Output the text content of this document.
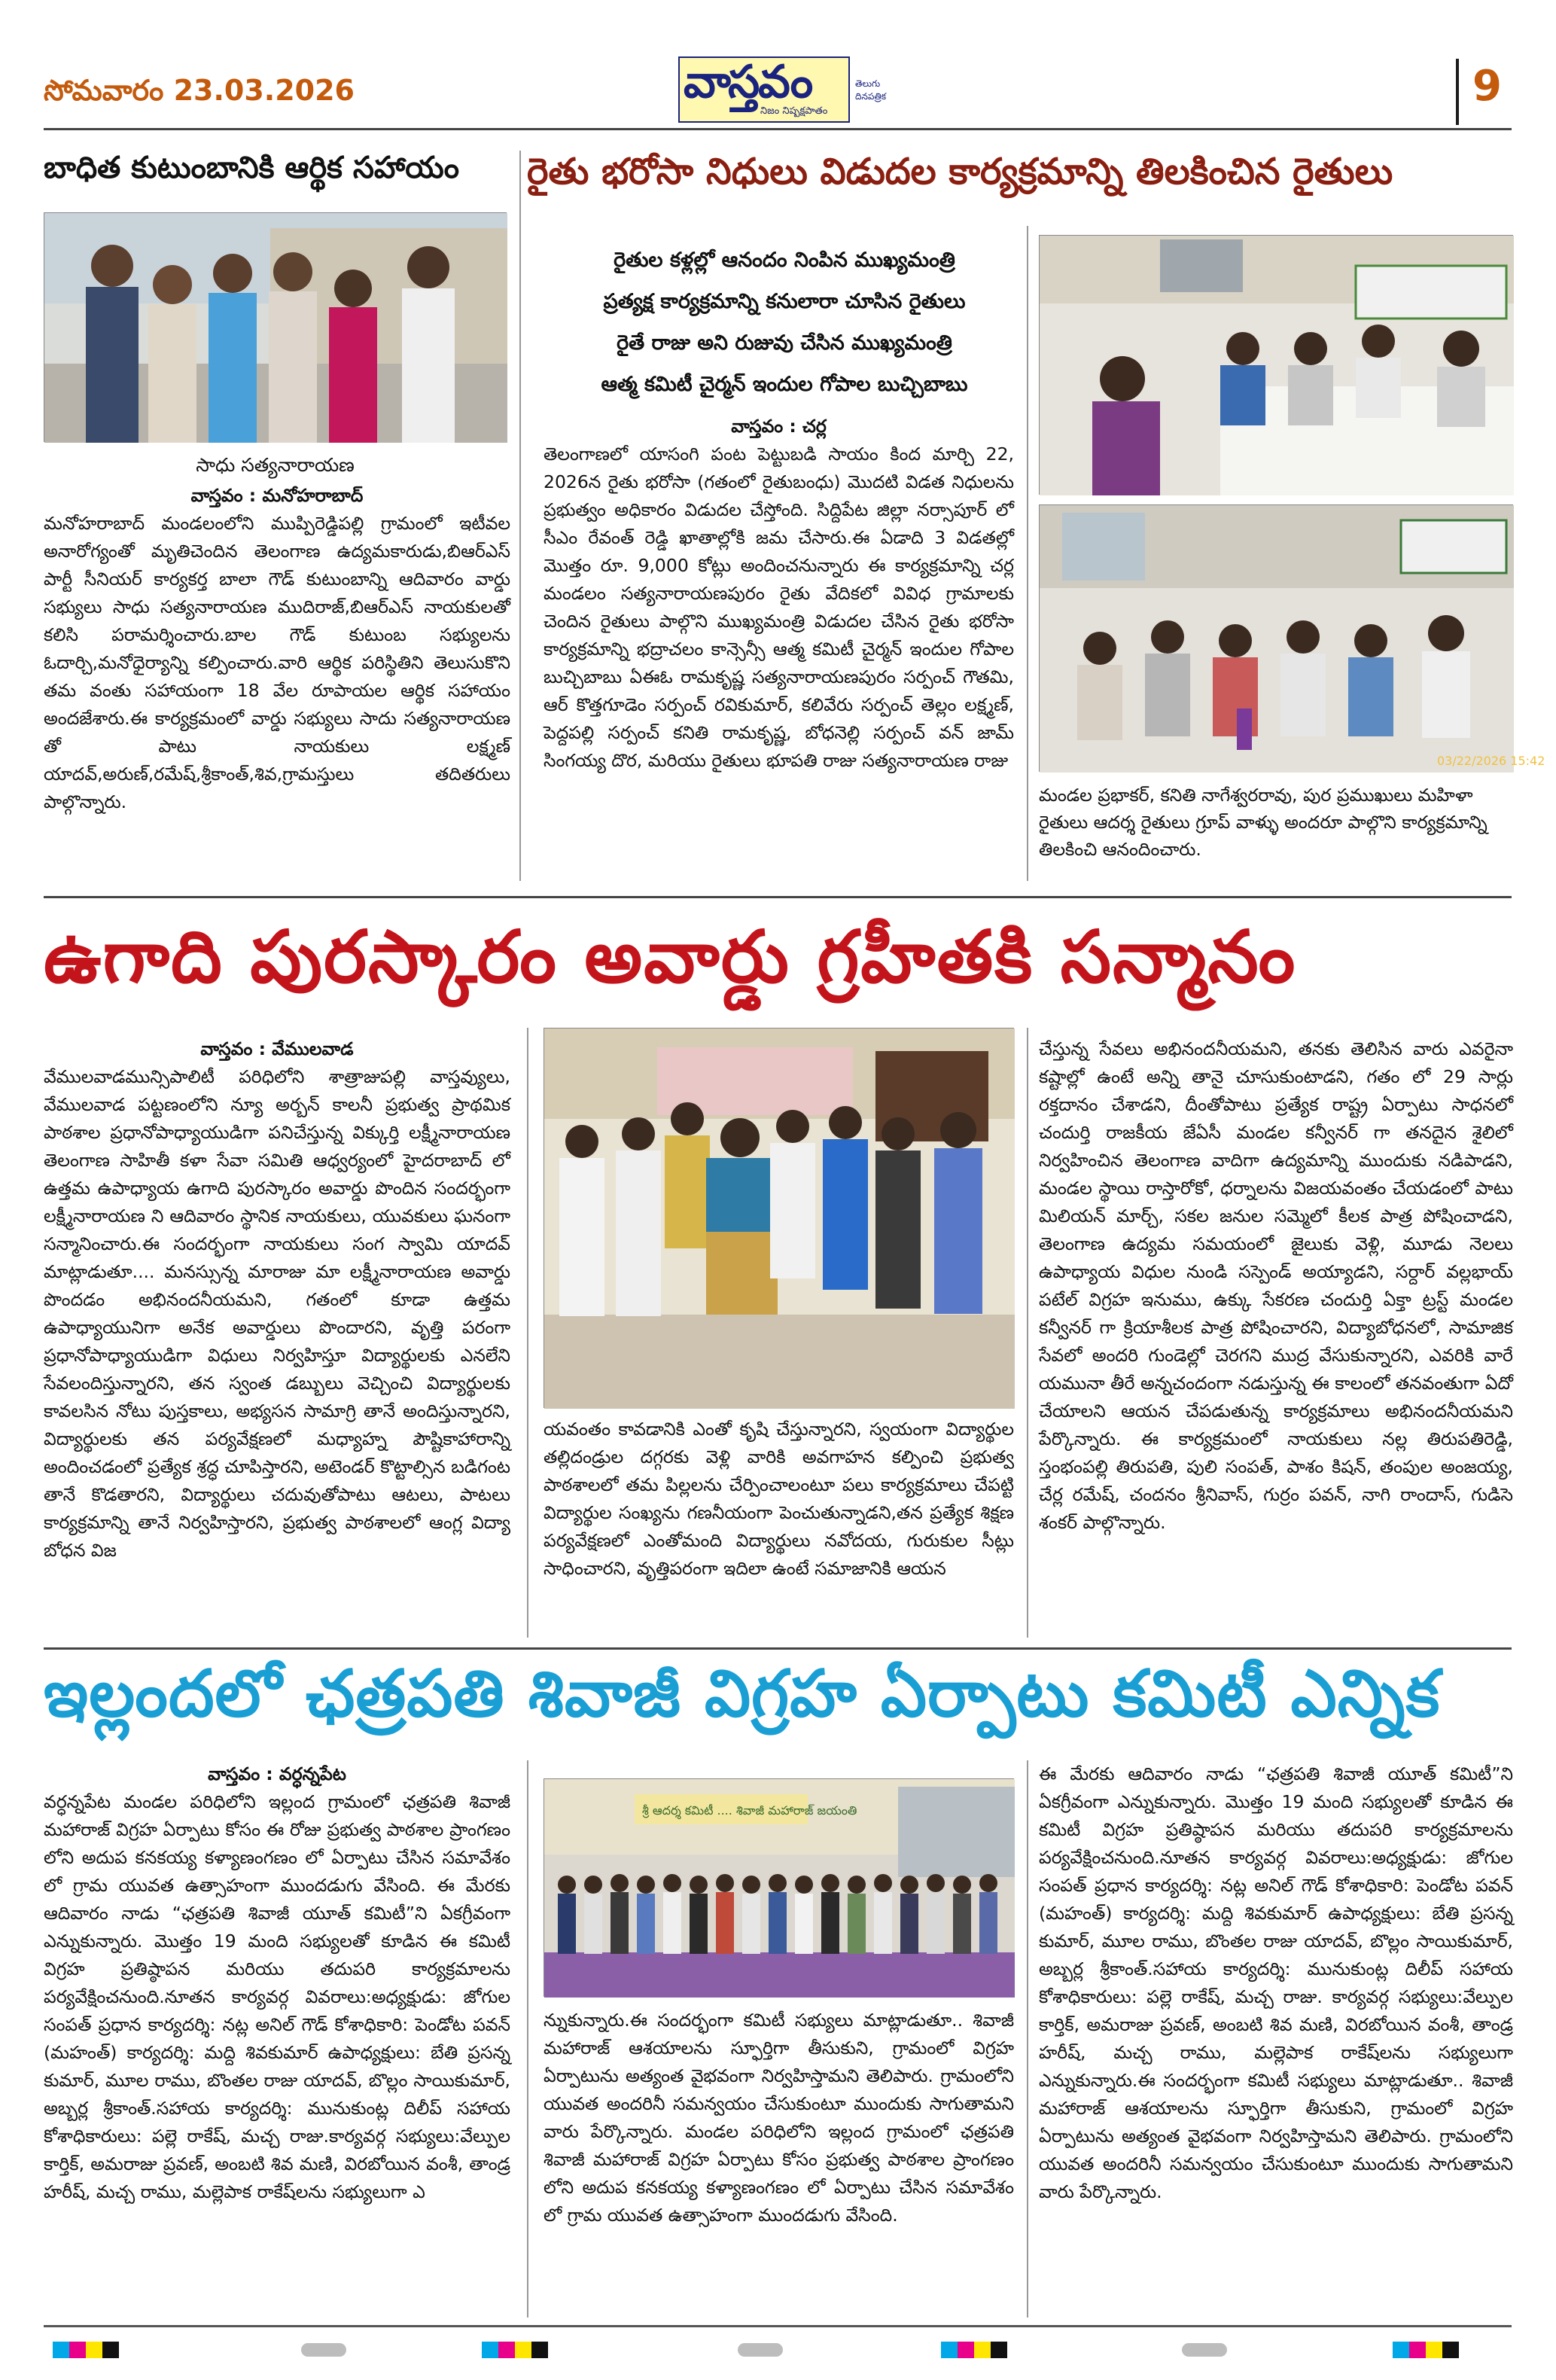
సోమవారం 23.03.2026	వాస్తవం
నిజం నిష్పక్షపాతం
తెలుగు దినపత్రిక	9
బాధిత కుటుంబానికి ఆర్థిక సహాయం
సాధు సత్యనారాయణ
వాస్తవం : మనోహరాబాద్
మనోహరాబాద్ మండలంలోని ముప్పిరెడ్డిపల్లి గ్రామంలో ఇటీవల అనారోగ్యంతో మృతిచెందిన తెలంగాణ ఉద్యమకారుడు,బిఆర్ఎస్ పార్టీ సీనియర్ కార్యకర్త బాలా గౌడ్ కుటుంబాన్ని ఆదివారం వార్డు సభ్యులు సాధు సత్యనారాయణ ముదిరాజ్,బిఆర్ఎస్ నాయకులతో కలిసి పరామర్శించారు.బాల గౌడ్ కుటుంబ సభ్యులను ఓదార్చి,మనోధైర్యాన్ని కల్పించారు.వారి ఆర్థిక పరిస్థితిని తెలుసుకొని తమ వంతు సహాయంగా 18 వేల రూపాయల ఆర్థిక సహాయం అందజేశారు.ఈ కార్యక్రమంలో వార్డు సభ్యులు సాదు సత్యనారాయణ తో పాటు నాయకులు లక్ష్మణ్ యాదవ్,అరుణ్,రమేష్,శ్రీకాంత్,శివ,గ్రామస్తులు తదితరులు పాల్గొన్నారు.
రైతు భరోసా నిధులు విడుదల కార్యక్రమాన్ని తిలకించిన రైతులు
రైతుల కళ్లల్లో ఆనందం నింపిన ముఖ్యమంత్రి
ప్రత్యక్ష కార్యక్రమాన్ని కనులారా చూసిన రైతులు
రైతే రాజు అని రుజువు చేసిన ముఖ్యమంత్రి
ఆత్మ కమిటీ చైర్మన్ ఇందుల గోపాల బుచ్చిబాబు
వాస్తవం : చర్ల
తెలంగాణలో యాసంగి పంట పెట్టుబడి సాయం కింద మార్చి 22, 2026న రైతు భరోసా (గతంలో రైతుబంధు) మొదటి విడత నిధులను ప్రభుత్వం అధికారం విడుదల చేస్తోంది. సిద్దిపేట జిల్లా నర్సాపూర్ లో సీఎం రేవంత్ రెడ్డి ఖాతాల్లోకి జమ చేసారు.ఈ ఏడాది 3 విడతల్లో మొత్తం రూ. 9,000 కోట్లు అందించనున్నారు ఈ కార్యక్రమాన్ని చర్ల మండలం సత్యనారాయణపురం రైతు వేదికలో వివిధ గ్రామాలకు చెందిన రైతులు పాల్గొని ముఖ్యమంత్రి విడుదల చేసిన రైతు భరోసా కార్యక్రమాన్ని భద్రాచలం కాన్సెన్సీ ఆత్మ కమిటీ చైర్మన్ ఇందుల గోపాల బుచ్చిబాబు ఏఈఓ రామకృష్ణ సత్యనారాయణపురం సర్పంచ్ గౌతమి, ఆర్ కొత్తగూడెం సర్పంచ్ రవికుమార్, కలివేరు సర్పంచ్ తెల్లం లక్ష్మణ్, పెద్దపల్లి సర్పంచ్ కనితి రామకృష్ణ, బోధనెల్లి సర్పంచ్ వన్ జామ్ సింగయ్య దొర, మరియు రైతులు భూపతి రాజు సత్యనారాయణ రాజు	03/22/2026 15:42
మండల ప్రభాకర్, కనితి నాగేశ్వరరావు, పుర ప్రముఖులు మహిళా రైతులు ఆదర్శ రైతులు గ్రూప్ వాళ్ళు అందరూ పాల్గొని కార్యక్రమాన్ని తిలకించి ఆనందించారు.
ఉగాది పురస్కారం అవార్డు గ్రహీతకి సన్మానం
వాస్తవం : వేములవాడ
వేములవాడమున్సిపాలిటీ పరిధిలోని శాత్రాజుపల్లి వాస్తవ్యులు, వేములవాడ పట్టణంలోని న్యూ అర్బన్ కాలనీ ప్రభుత్వ ప్రాథమిక పాఠశాల ప్రధానోపాధ్యాయుడిగా పనిచేస్తున్న విక్కుర్తి లక్ష్మీనారాయణ తెలంగాణ సాహితీ కళా సేవా సమితి ఆధ్వర్యంలో హైదరాబాద్ లో ఉత్తమ ఉపాధ్యాయ ఉగాది పురస్కారం అవార్డు పొందిన సందర్భంగా లక్ష్మీనారాయణ ని ఆదివారం స్థానిక నాయకులు, యువకులు ఘనంగా సన్మానించారు.ఈ సందర్భంగా నాయకులు సంగ స్వామి యాదవ్ మాట్లాడుతూ.... మనస్సున్న మారాజు మా లక్ష్మీనారాయణ అవార్డు పొందడం అభినందనీయమని, గతంలో కూడా ఉత్తమ ఉపాధ్యాయునిగా అనేక అవార్డులు పొందారని, వృత్తి పరంగా ప్రధానోపాధ్యాయుడిగా విధులు నిర్వహిస్తూ విద్యార్థులకు ఎనలేని సేవలందిస్తున్నారని, తన స్వంత డబ్బులు వెచ్చించి విద్యార్థులకు కావలసిన నోటు పుస్తకాలు, అభ్యసన సామాగ్రి తానే అందిస్తున్నారని, విద్యార్థులకు తన పర్యవేక్షణలో మధ్యాహ్న పౌష్టికాహారాన్ని అందించడంలో ప్రత్యేక శ్రద్ధ చూపిస్తారని, అటెండర్ కొట్టాల్సిన బడిగంట తానే కొడతారని, విద్యార్థులు చదువుతోపాటు ఆటలు, పాటలు కార్యక్రమాన్ని తానే నిర్వహిస్తారని, ప్రభుత్వ పాఠశాలలో ఆంగ్ల విద్యా బోధన విజ
యవంతం కావడానికి ఎంతో కృషి చేస్తున్నారని, స్వయంగా విద్యార్థుల తల్లిదండ్రుల దగ్గరకు వెళ్లి వారికి అవగాహన కల్పించి ప్రభుత్వ పాఠశాలలో తమ పిల్లలను చేర్పించాలంటూ పలు కార్యక్రమాలు చేపట్టి విద్యార్థుల సంఖ్యను గణనీయంగా పెంచుతున్నాడని,తన ప్రత్యేక శిక్షణ పర్యవేక్షణలో ఎంతోమంది విద్యార్థులు నవోదయ, గురుకుల సీట్లు సాధించారని, వృత్తిపరంగా ఇదిలా ఉంటే సమాజానికి ఆయన
చేస్తున్న సేవలు అభినందనీయమని, తనకు తెలిసిన వారు ఎవరైనా కష్టాల్లో ఉంటే అన్ని తానై చూసుకుంటాడని, గతం లో 29 సార్లు రక్తదానం చేశాడని, దీంతోపాటు ప్రత్యేక రాష్ట్ర ఏర్పాటు సాధనలో చందుర్తి రాజకీయ జేఏసీ మండల కన్వీనర్ గా తనదైన శైలిలో నిర్వహించిన తెలంగాణ వాదిగా ఉద్యమాన్ని ముందుకు నడిపాడని, మండల స్థాయి రాస్తారోకో, ధర్నాలను విజయవంతం చేయడంలో పాటు మిలియన్ మార్చ్, సకల జనుల సమ్మెలో కీలక పాత్ర పోషించాడని, తెలంగాణ ఉద్యమ సమయంలో జైలుకు వెళ్లి, మూడు నెలలు ఉపాధ్యాయ విధుల నుండి సస్పెండ్ అయ్యాడని, సర్దార్ వల్లభాయ్ పటేల్ విగ్రహ ఇనుము, ఉక్కు సేకరణ చందుర్తి ఏక్తా ట్రస్ట్ మండల కన్వీనర్ గా క్రియాశీలక పాత్ర పోషించారని, విద్యాబోధనలో, సామాజిక సేవలో అందరి గుండెల్లో చెరగని ముద్ర వేసుకున్నారని, ఎవరికి వారే యమునా తీరే అన్నచందంగా నడుస్తున్న ఈ కాలంలో తనవంతుగా ఏదో చేయాలని ఆయన చేపడుతున్న కార్యక్రమాలు అభినందనీయమని పేర్కొన్నారు. ఈ కార్యక్రమంలో నాయకులు నల్ల తిరుపతిరెడ్డి, స్తంభంపల్లి తిరుపతి, పులి సంపత్, పాశం కిషన్, తంపుల అంజయ్య, చేర్ల రమేష్, చందనం శ్రీనివాస్, గుర్రం పవన్, నాగి రాందాస్, గుడిసె శంకర్ పాల్గొన్నారు.
ఇల్లందలో ఛత్రపతి శివాజీ విగ్రహ ఏర్పాటు కమిటీ ఎన్నిక
వాస్తవం : వర్ధన్నపేట
వర్ధన్నపేట మండల పరిధిలోని ఇల్లంద గ్రామంలో ఛత్రపతి శివాజీ మహారాజ్ విగ్రహ ఏర్పాటు కోసం ఈ రోజు ప్రభుత్వ పాఠశాల ప్రాంగణం లోని అదుప కనకయ్య కళ్యాణంగణం లో ఏర్పాటు చేసిన సమావేశం లో గ్రామ యువత ఉత్సాహంగా ముందడుగు వేసింది. ఈ మేరకు ఆదివారం నాడు “ఛత్రపతి శివాజీ యూత్ కమిటీ”ని ఏకగ్రీవంగా ఎన్నుకున్నారు. మొత్తం 19 మంది సభ్యులతో కూడిన ఈ కమిటీ విగ్రహ ప్రతిష్ఠాపన మరియు తదుపరి కార్యక్రమాలను పర్యవేక్షించనుంది.నూతన కార్యవర్గ వివరాలు:అధ్యక్షుడు: జోగుల సంపత్ ప్రధాన కార్యదర్శి: నట్ల అనిల్ గౌడ్ కోశాధికారి: పెండోట పవన్ (మహంత్) కార్యదర్శి: మద్ది శివకుమార్ ఉపాధ్యక్షులు: బేతి ప్రసన్న కుమార్, మూల రాము, బొంతల రాజు యాదవ్, బొల్లం సాయికుమార్, అబ్బర్ల శ్రీకాంత్.సహాయ కార్యదర్శి: మునుకుంట్ల దిలీప్ సహాయ కోశాధికారులు: పల్లె రాకేష్, మచ్చ రాజు.కార్యవర్గ సభ్యులు:వేల్పుల కార్తిక్, అమరాజు ప్రవణ్, అంబటి శివ మణి, విరబోయిన వంశీ, తాండ్ర హరీష్, మచ్చ రాము, మల్లెపాక రాకేష్‌లను సభ్యులుగా ఎ
శ్రీ ఆదర్శ కమిటీ .... శివాజీ మహారాజ్ జయంతి
న్నుకున్నారు.ఈ సందర్భంగా కమిటీ సభ్యులు మాట్లాడుతూ.. శివాజీ మహారాజ్ ఆశయాలను స్ఫూర్తిగా తీసుకుని, గ్రామంలో విగ్రహ ఏర్పాటును అత్యంత వైభవంగా నిర్వహిస్తామని తెలిపారు. గ్రామంలోని యువత అందరినీ సమన్వయం చేసుకుంటూ ముందుకు సాగుతామని వారు పేర్కొన్నారు. మండల పరిధిలోని ఇల్లంద గ్రామంలో ఛత్రపతి శివాజీ మహారాజ్ విగ్రహ ఏర్పాటు కోసం ప్రభుత్వ పాఠశాల ప్రాంగణం లోని అదుప కనకయ్య కళ్యాణంగణం లో ఏర్పాటు చేసిన సమావేశం లో గ్రామ యువత ఉత్సాహంగా ముందడుగు వేసింది.
ఈ మేరకు ఆదివారం నాడు “ఛత్రపతి శివాజీ యూత్ కమిటీ”ని ఏకగ్రీవంగా ఎన్నుకున్నారు. మొత్తం 19 మంది సభ్యులతో కూడిన ఈ కమిటీ విగ్రహ ప్రతిష్ఠాపన మరియు తదుపరి కార్యక్రమాలను పర్యవేక్షించనుంది.నూతన కార్యవర్గ వివరాలు:అధ్యక్షుడు: జోగుల సంపత్ ప్రధాన కార్యదర్శి: నట్ల అనిల్ గౌడ్ కోశాధికారి: పెండోట పవన్ (మహంత్) కార్యదర్శి: మద్ది శివకుమార్ ఉపాధ్యక్షులు: బేతి ప్రసన్న కుమార్, మూల రాము, బొంతల రాజు యాదవ్, బొల్లం సాయికుమార్, అబ్బర్ల శ్రీకాంత్.సహాయ కార్యదర్శి: మునుకుంట్ల దిలీప్ సహాయ కోశాధికారులు: పల్లె రాకేష్, మచ్చ రాజు. కార్యవర్గ సభ్యులు:వేల్పుల కార్తిక్, అమరాజు ప్రవణ్, అంబటి శివ మణి, విరబోయిన వంశీ, తాండ్ర హరీష్, మచ్చ రాము, మల్లెపాక రాకేష్‌లను సభ్యులుగా ఎన్నుకున్నారు.ఈ సందర్భంగా కమిటీ సభ్యులు మాట్లాడుతూ.. శివాజీ మహారాజ్ ఆశయాలను స్ఫూర్తిగా తీసుకుని, గ్రామంలో విగ్రహ ఏర్పాటును అత్యంత వైభవంగా నిర్వహిస్తామని తెలిపారు. గ్రామంలోని యువత అందరినీ సమన్వయం చేసుకుంటూ ముందుకు సాగుతామని వారు పేర్కొన్నారు.
